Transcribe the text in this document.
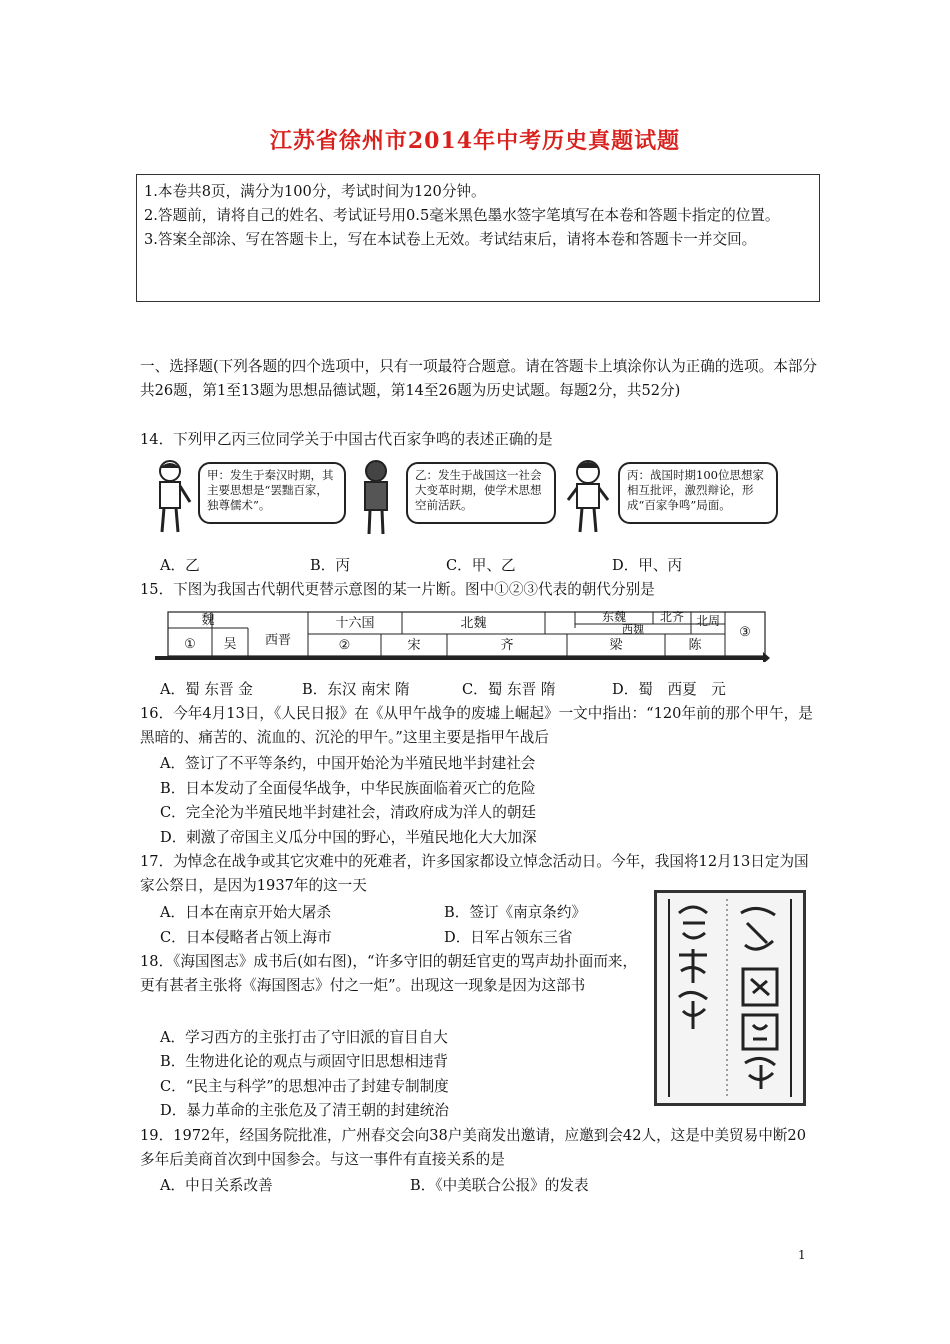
江苏省徐州市2014年中考历史真题试题
1.本卷共8页，满分为100分，考试时间为120分钟。
2.答题前，请将自己的姓名、考试证号用0.5毫米黑色墨水签字笔填写在本卷和答题卡指定的位置。
3.答案全部涂、写在答题卡上，写在本试卷上无效。考试结束后，请将本卷和答题卡一并交回。
一、选择题(下列各题的四个选项中，只有一项最符合题意。请在答题卡上填涂你认为正确的选项。本部分共26题，第1至13题为思想品德试题，第14至26题为历史试题。每题2分，共52分)
14．下列甲乙丙三位同学关于中国古代百家争鸣的表述正确的是
甲：发生于秦汉时期，其主要思想是“罢黜百家，独尊儒术”。
乙：发生于战国这一社会大变革时期，使学术思想空前活跃。
丙：战国时期100位思想家相互批评，激烈辩论，形成“百家争鸣”局面。
A．乙	B．丙	C．甲、乙	D．甲、丙
15．下图为我国古代朝代更替示意图的某一片断。图中①②③代表的朝代分别是
魏	十六国	北魏	东魏	北齐 北周
西魏
①	吴	西晋	②	宋	齐	梁	陈
③
A．蜀 东晋 金	B．东汉 南宋 隋	C．蜀 东晋 隋	D．蜀　西夏　元
16．今年4月13日，《人民日报》在《从甲午战争的废墟上崛起》一文中指出：“120年前的那个甲午，是黑暗的、痛苦的、流血的、沉沦的甲午。”这里主要是指甲午战后
A．签订了不平等条约，中国开始沦为半殖民地半封建社会
B．日本发动了全面侵华战争，中华民族面临着灭亡的危险
C．完全沦为半殖民地半封建社会，清政府成为洋人的朝廷
D．刺激了帝国主义瓜分中国的野心，半殖民地化大大加深
17．为悼念在战争或其它灾难中的死难者，许多国家都设立悼念活动日。今年，我国将12月13日定为国家公祭日，是因为1937年的这一天
A．日本在南京开始大屠杀	B．签订《南京条约》
C．日本侵略者占领上海市	D．日军占领东三省
18．《海国图志》成书后(如右图)，“许多守旧的朝廷官吏的骂声劫扑面而来，更有甚者主张将《海国图志》付之一炬”。出现这一现象是因为这部书
A．学习西方的主张打击了守旧派的盲目自大
B．生物进化论的观点与顽固守旧思想相违背
C．“民主与科学”的思想冲击了封建专制制度
D．暴力革命的主张危及了清王朝的封建统治
19．1972年，经国务院批准，广州春交会向38户美商发出邀请，应邀到会42人，这是中美贸易中断20多年后美商首次到中国参会。与这一事件有直接关系的是
A．中日关系改善	B．《中美联合公报》的发表
1
